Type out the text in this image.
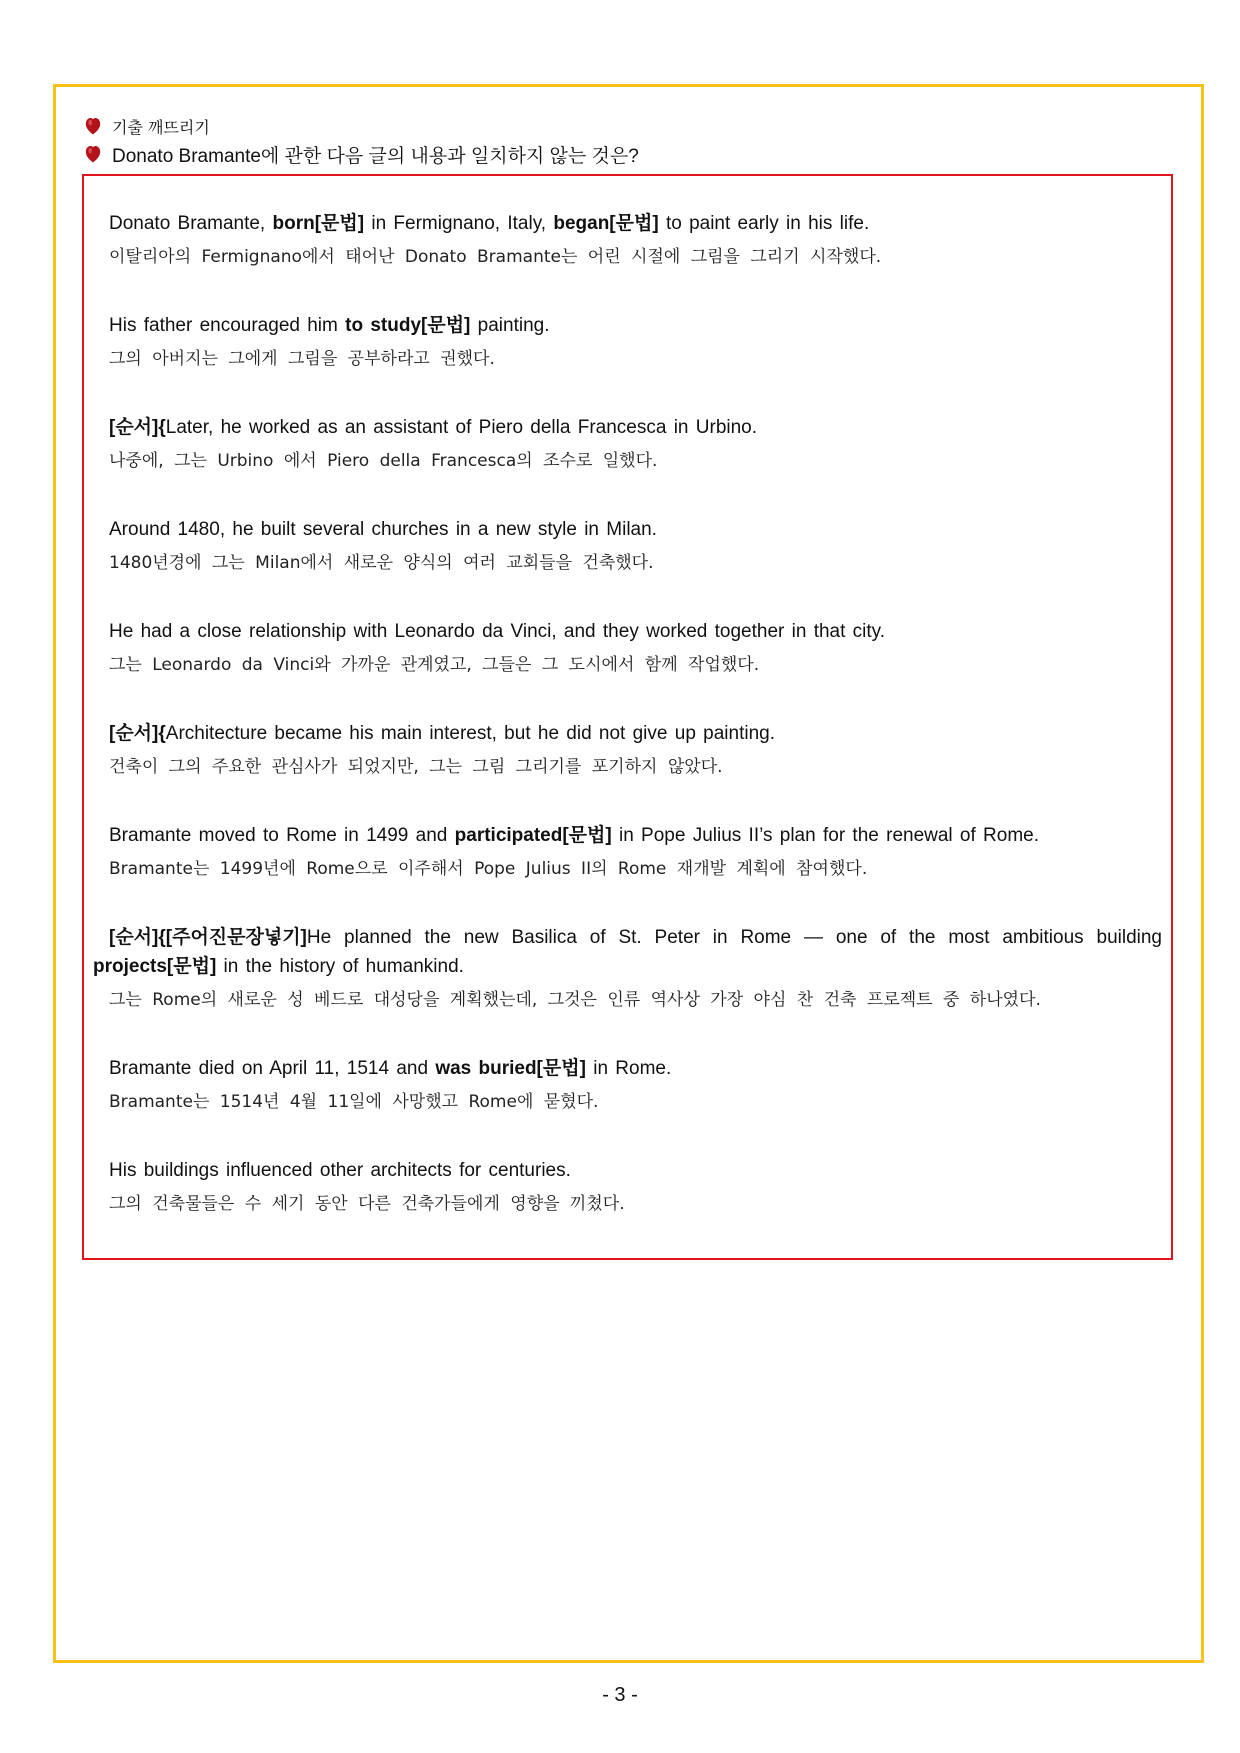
기출 깨뜨리기
Donato Bramante에 관한 다음 글의 내용과 일치하지 않는 것은?
Donato Bramante, born[문법] in Fermignano, Italy, began[문법] to paint early in his life.
이탈리아의 Fermignano에서 태어난 Donato Bramante는 어린 시절에 그림을 그리기 시작했다.
His father encouraged him to study[문법] painting.
그의 아버지는 그에게 그림을 공부하라고 권했다.
[순서]{Later, he worked as an assistant of Piero della Francesca in Urbino.
나중에, 그는 Urbino 에서 Piero della Francesca의 조수로 일했다.
Around 1480, he built several churches in a new style in Milan.
1480년경에 그는 Milan에서 새로운 양식의 여러 교회들을 건축했다.
He had a close relationship with Leonardo da Vinci, and they worked together in that city.
그는 Leonardo da Vinci와 가까운 관계였고, 그들은 그 도시에서 함께 작업했다.
[순서]{Architecture became his main interest, but he did not give up painting.
건축이 그의 주요한 관심사가 되었지만, 그는 그림 그리기를 포기하지 않았다.
Bramante moved to Rome in 1499 and participated[문법] in Pope Julius II’s plan for the renewal of Rome.
Bramante는 1499년에 Rome으로 이주해서 Pope Julius II의 Rome 재개발 계획에 참여했다.
[순서]{[주어진문장넣기]He planned the new Basilica of St. Peter in Rome — one of the most ambitious building
projects[문법] in the history of humankind.
그는 Rome의 새로운 성 베드로 대성당을 계획했는데, 그것은 인류 역사상 가장 야심 찬 건축 프로젝트 중 하나였다.
Bramante died on April 11, 1514 and was buried[문법] in Rome.
Bramante는 1514년 4월 11일에 사망했고 Rome에 묻혔다.
His buildings influenced other architects for centuries.
그의 건축물들은 수 세기 동안 다른 건축가들에게 영향을 끼쳤다.
- 3 -
